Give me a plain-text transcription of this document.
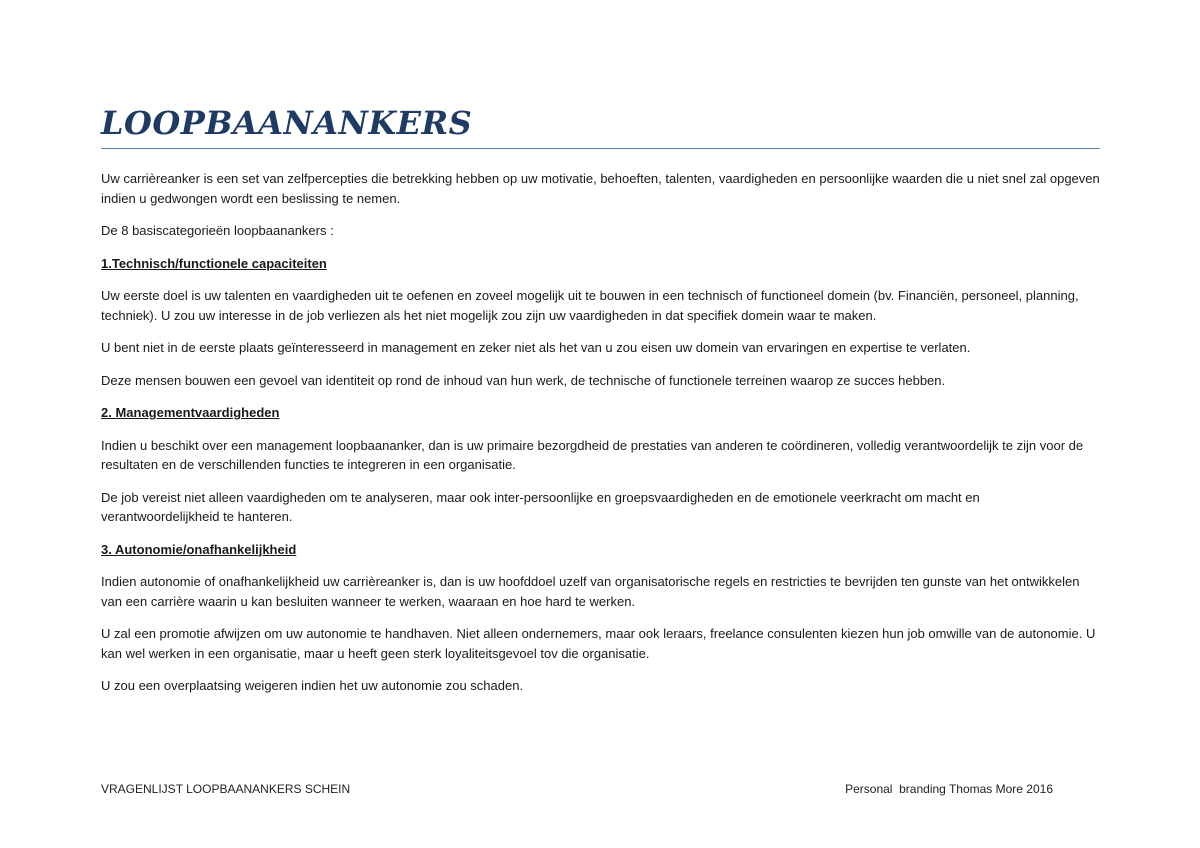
LOOPBAANANKERS

Uw carrièreanker is een set van zelfpercepties die betrekking hebben op uw motivatie, behoeften, talenten, vaardigheden en persoonlijke waarden die u niet snel zal opgeven indien u gedwongen wordt een beslissing te nemen.

De 8 basiscategorieën loopbaanankers :

1.Technisch/functionele capaciteiten

Uw eerste doel is uw talenten en vaardigheden uit te oefenen en zoveel mogelijk uit te bouwen in een technisch of functioneel domein (bv. Financiën, personeel, planning, techniek). U zou uw interesse in de job verliezen als het niet mogelijk zou zijn uw vaardigheden in dat specifiek domein waar te maken.

U bent niet in de eerste plaats geïnteresseerd in management en zeker niet als het van u zou eisen uw domein van ervaringen en expertise te verlaten.

Deze mensen bouwen een gevoel van identiteit op rond de inhoud van hun werk, de technische of functionele terreinen waarop ze succes hebben.

2. Managementvaardigheden

Indien u beschikt over een management loopbaananker, dan is uw primaire bezorgdheid de prestaties van anderen te coördineren, volledig verantwoordelijk te zijn voor de resultaten en de verschillenden functies te integreren in een organisatie.

De job vereist niet alleen vaardigheden om te analyseren, maar ook inter-persoonlijke en groepsvaardigheden en de emotionele veerkracht om macht en verantwoordelijkheid te hanteren.

3. Autonomie/onafhankelijkheid

Indien autonomie of onafhankelijkheid uw carrièreanker is, dan is uw hoofddoel uzelf van organisatorische regels en restricties te bevrijden ten gunste van het ontwikkelen van een carrière waarin u kan besluiten wanneer te werken, waaraan en hoe hard te werken.

U zal een promotie afwijzen om uw autonomie te handhaven. Niet alleen ondernemers, maar ook leraars, freelance consulenten kiezen hun job omwille van de autonomie. U kan wel werken in een organisatie, maar u heeft geen sterk loyaliteitsgevoel tov die organisatie.

U zou een overplaatsing weigeren indien het uw autonomie zou schaden.

VRAGENLIJST LOOPBAANANKERS SCHEIN	Personal  branding Thomas More 2016
